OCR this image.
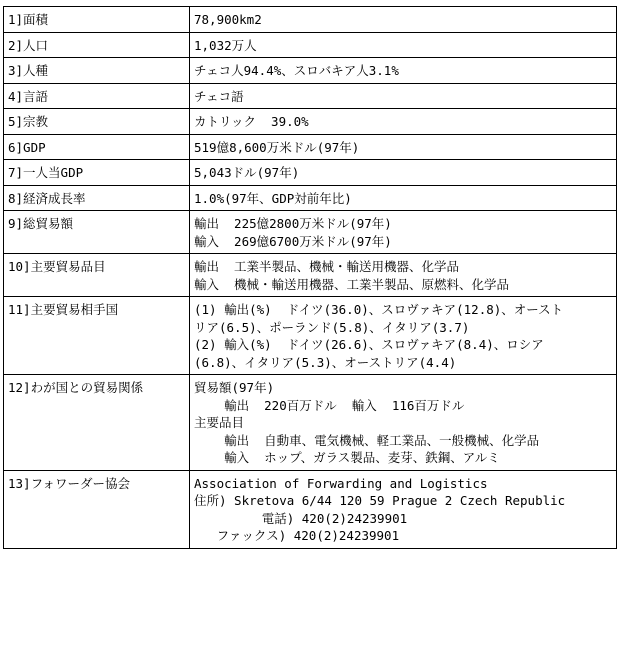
1]面積	78,900km2

2]人口	1,032万人

3]人種	チェコ人94.4%、スロバキア人3.1%

4]言語	チェコ語

5]宗教	カトリック  39.0%

6]GDP	519億8,600万米ドル(97年)

7]一人当GDP	5,043ドル(97年)

8]経済成長率	1.0%(97年、GDP対前年比)

9]総貿易額	輸出  225億2800万米ドル(97年)
輸入  269億6700万米ドル(97年)

10]主要貿易品目	輸出  工業半製品、機械・輸送用機器、化学品
輸入  機械・輸送用機器、工業半製品、原燃料、化学品

11]主要貿易相手国	(1) 輸出(%)  ドイツ(36.0)、スロヴァキア(12.8)、オースト
リア(6.5)、ポーランド(5.8)、イタリア(3.7)
(2) 輸入(%)  ドイツ(26.6)、スロヴァキア(8.4)、ロシア
(6.8)、イタリア(5.3)、オーストリア(4.4)

12]わが国との貿易関係	貿易額(97年)
輸出  220百万ドル  輸入  116百万ドル
主要品目
輸出  自動車、電気機械、軽工業品、一般機械、化学品
輸入  ホップ、ガラス製品、麦芽、鉄鋼、アルミ

13]フォワーダー協会	Association of Forwarding and Logistics
住所) Skretova 6/44 120 59 Prague 2 Czech Republic
電話) 420(2)24239901
ファックス) 420(2)24239901
